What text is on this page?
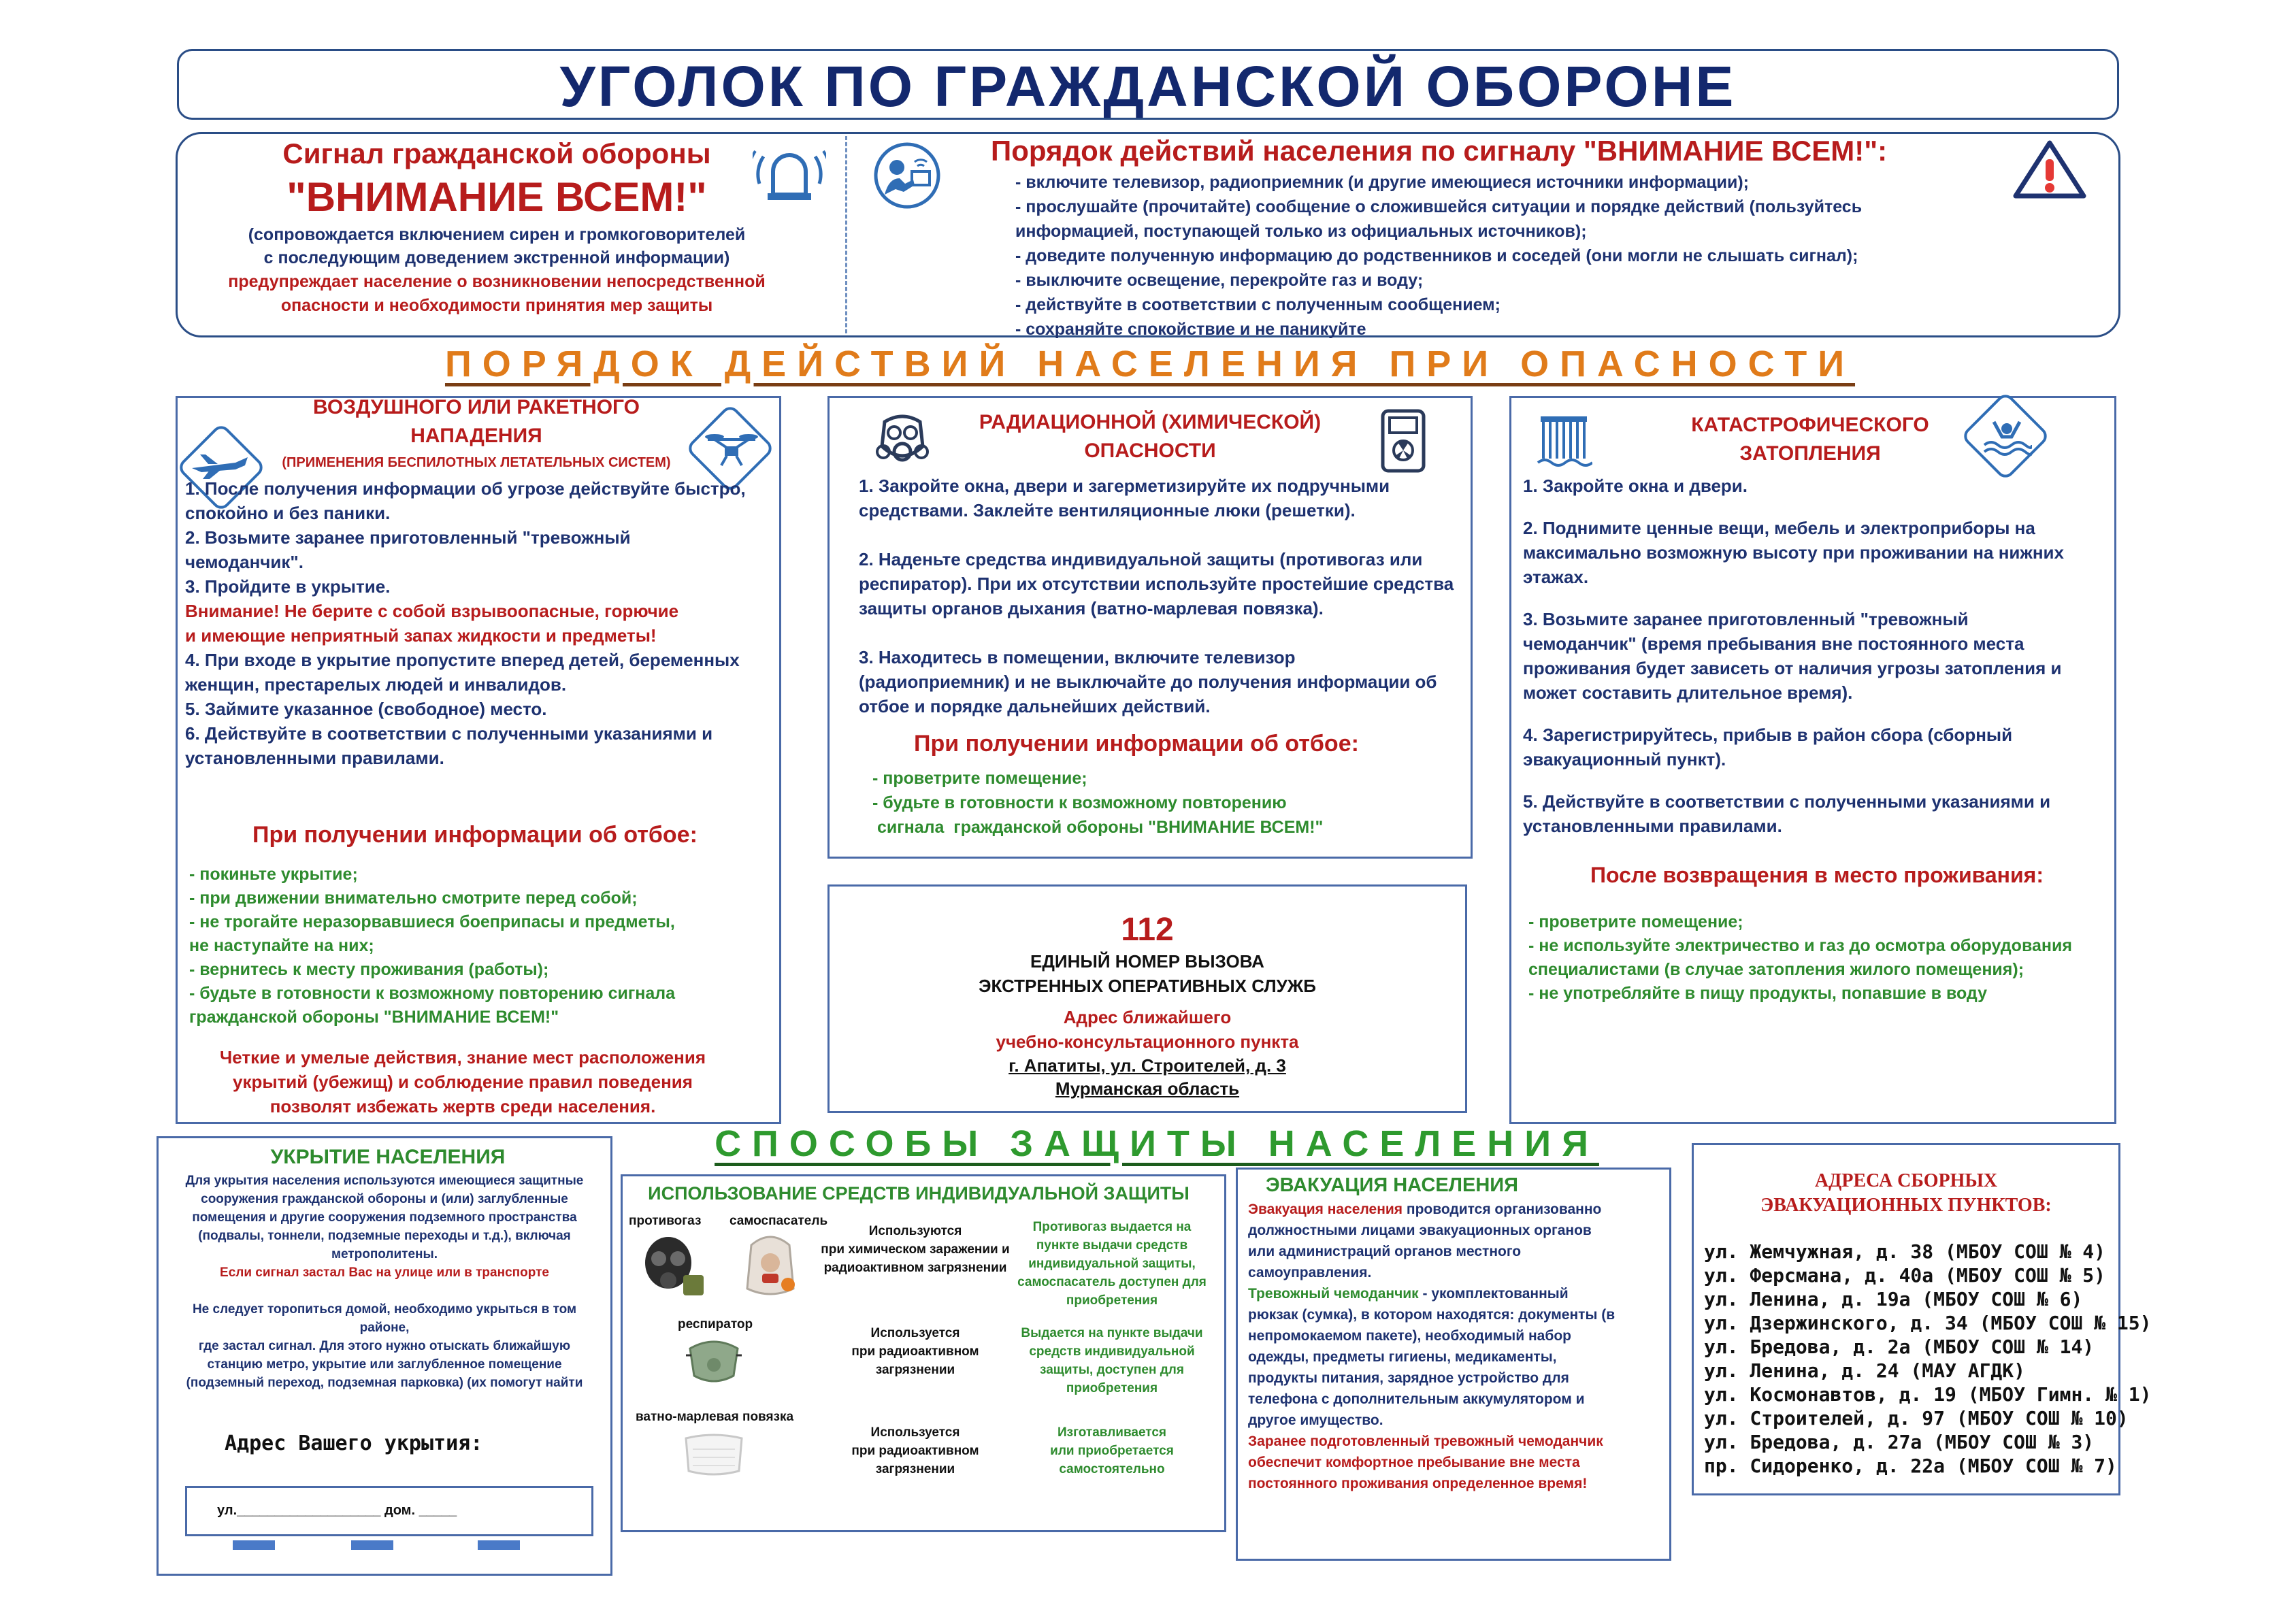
УГОЛОК ПО ГРАЖДАНСКОЙ ОБОРОНЕ
Сигнал гражданской обороны
"ВНИМАНИЕ ВСЕМ!"
(сопровождается включением сирен и громкоговорителей
с последующим доведением экстренной информации)
предупреждает население о возникновении непосредственной
опасности и необходимости принятия мер защиты
Порядок действий населения по сигналу "ВНИМАНИЕ ВСЕМ!":
- включите телевизор, радиоприемник (и другие имеющиеся источники информации);
- прослушайте (прочитайте) сообщение о сложившейся ситуации и порядке действий (пользуйтесь
информацией, поступающей только из официальных источников);
- доведите полученную информацию до родственников и соседей (они могли не слышать сигнал);
- выключите освещение, перекройте газ и воду;
- действуйте в соответствии с полученным сообщением;
- сохраняйте спокойствие и не паникуйте
ПОРЯДОК ДЕЙСТВИЙ НАСЕЛЕНИЯ ПРИ ОПАСНОСТИ
ВОЗДУШНОГО ИЛИ РАКЕТНОГО
НАПАДЕНИЯ
(ПРИМЕНЕНИЯ БЕСПИЛОТНЫХ ЛЕТАТЕЛЬНЫХ СИСТЕМ)
1. После получения информации об угрозе действуйте быстро,
спокойно и без паники.
2. Возьмите заранее приготовленный "тревожный
чемоданчик".
3. Пройдите в укрытие.
Внимание! Не берите с собой взрывоопасные, горючие
и имеющие неприятный запах жидкости и предметы!
4. При входе в укрытие пропустите вперед детей, беременных
женщин, престарелых людей и инвалидов.
5. Займите указанное (свободное) место.
6. Действуйте в соответствии с полученными указаниями и
установленными правилами.
При получении информации об отбое:
- покиньте укрытие;
- при движении внимательно смотрите перед собой;
- не трогайте неразорвавшиеся боеприпасы и предметы,
не наступайте на них;
- вернитесь к месту проживания (работы);
- будьте в готовности к возможному повторению сигнала
гражданской обороны "ВНИМАНИЕ ВСЕМ!"
Четкие и умелые действия, знание мест расположения
укрытий (убежищ) и соблюдение правил поведения
позволят избежать жертв среди населения.
РАДИАЦИОННОЙ (ХИМИЧЕСКОЙ)
ОПАСНОСТИ
1. Закройте окна, двери и загерметизируйте их подручными
средствами. Заклейте вентиляционные люки (решетки).
2. Наденьте средства индивидуальной защиты (противогаз или
респиратор). При их отсутствии используйте простейшие средства
защиты органов дыхания (ватно-марлевая повязка).
3. Находитесь в помещении, включите телевизор
(радиоприемник) и не выключайте до получения информации об
отбое и порядке дальнейших действий.
При получении информации об отбое:
- проветрите помещение;
- будьте в готовности к возможному повторению
сигнала  гражданской обороны "ВНИМАНИЕ ВСЕМ!"
112
ЕДИНЫЙ НОМЕР ВЫЗОВА
ЭКСТРЕННЫХ ОПЕРАТИВНЫХ СЛУЖБ
Адрес ближайшего
учебно-консультационного пункта
г. Апатиты, ул. Строителей, д. 3
Мурманская область
КАТАСТРОФИЧЕСКОГО
ЗАТОПЛЕНИЯ
1. Закройте окна и двери.
2. Поднимите ценные вещи, мебель и электроприборы на
максимально возможную высоту при проживании на нижних
этажах.
3. Возьмите заранее приготовленный "тревожный
чемоданчик" (время пребывания вне постоянного места
проживания будет зависеть от наличия угрозы затопления и
может составить длительное время).
4. Зарегистрируйтесь, прибыв в район сбора (сборный
эвакуационный пункт).
5. Действуйте в соответствии с полученными указаниями и
установленными правилами.
После возвращения в место проживания:
- проветрите помещение;
- не используйте электричество и газ до осмотра оборудования
специалистами (в случае затопления жилого помещения);
- не употребляйте в пищу продукты, попавшие в воду
СПОСОБЫ ЗАЩИТЫ НАСЕЛЕНИЯ
УКРЫТИЕ НАСЕЛЕНИЯ
Для укрытия населения используются имеющиеся защитные
сооружения гражданской обороны и (или) заглубленные
помещения и другие сооружения подземного пространства
(подвалы, тоннели, подземные переходы и т.д.), включая
метрополитены.
Если сигнал застал Вас на улице или в транспорте
Не следует торопиться домой, необходимо укрыться в том
районе,
где застал сигнал. Для этого нужно отыскать ближайшую
станцию метро, укрытие или заглубленное помещение
(подземный переход, подземная парковка) (их помогут найти
Адрес Вашего укрытия:
ул.___________________ дом. _____
ИСПОЛЬЗОВАНИЕ СРЕДСТВ ИНДИВИДУАЛЬНОЙ ЗАЩИТЫ
противогаз самоспасатель
респиратор
ватно-марлевая повязка
Используются
при химическом заражении и
радиоактивном загрязнении
Противогаз выдается на
пункте выдачи средств
индивидуальной защиты,
самоспасатель доступен для
приобретения
Используется
при радиоактивном
загрязнении
Выдается на пункте выдачи
средств индивидуальной
защиты, доступен для
приобретения
Используется
при радиоактивном
загрязнении
Изготавливается
или приобретается
самостоятельно
ЭВАКУАЦИЯ НАСЕЛЕНИЯ
Эвакуация населения проводится организованно
должностными лицами эвакуационных органов
или администраций органов местного
самоуправления.
Тревожный чемоданчик - укомплектованный
рюкзак (сумка), в котором находятся: документы (в
непромокаемом пакете), необходимый набор
одежды, предметы гигиены, медикаменты,
продукты питания, зарядное устройство для
телефона с дополнительным аккумулятором и
другое имущество.
Заранее подготовленный тревожный чемоданчик
обеспечит комфортное пребывание вне места
постоянного проживания определенное время!
АДРЕСА СБОРНЫХ
ЭВАКУАЦИОННЫХ ПУНКТОВ:
ул. Жемчужная, д. 38 (МБОУ СОШ № 4)
ул. Ферсмана, д. 40а (МБОУ СОШ № 5)
ул. Ленина, д. 19а (МБОУ СОШ № 6)
ул. Дзержинского, д. 34 (МБОУ СОШ № 15)
ул. Бредова, д. 2а (МБОУ СОШ № 14)
ул. Ленина, д. 24 (МАУ АГДК)
ул. Космонавтов, д. 19 (МБОУ Гимн. № 1)
ул. Строителей, д. 97 (МБОУ СОШ № 10)
ул. Бредова, д. 27а (МБОУ СОШ № 3)
пр. Сидоренко, д. 22а (МБОУ СОШ № 7)
